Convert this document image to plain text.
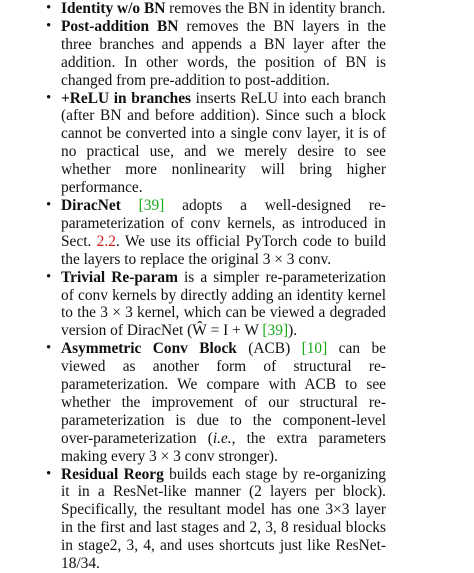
• Identity w/o BN removes the BN in identity branch.
• Post-addition BN removes the BN layers in the three branches and appends a BN layer after the addition. In other words, the position of BN is changed from pre-addition to post-addition.
• +ReLU in branches inserts ReLU into each branch (after BN and before addition). Since such a block cannot be converted into a single conv layer, it is of no practical use, and we merely desire to see whether more nonlinearity will bring higher performance.
• DiracNet [39] adopts a well-designed re-parameterization of conv kernels, as introduced in Sect. 2.2. We use its official PyTorch code to build the layers to replace the original 3 × 3 conv.
• Trivial Re-param is a simpler re-parameterization of conv kernels by directly adding an identity kernel to the 3 × 3 kernel, which can be viewed a degraded version of DiracNet (Ŵ = I + W [39]).
• Asymmetric Conv Block (ACB) [10] can be viewed as another form of structural re-parameterization. We compare with ACB to see whether the improvement of our structural re-parameterization is due to the component-level over-parameterization (i.e., the extra parameters making every 3 × 3 conv stronger).
• Residual Reorg builds each stage by re-organizing it in a ResNet-like manner (2 layers per block). Specifically, the resultant model has one 3×3 layer in the first and last stages and 2, 3, 8 residual blocks in stage2, 3, 4, and uses shortcuts just like ResNet-18/34.
